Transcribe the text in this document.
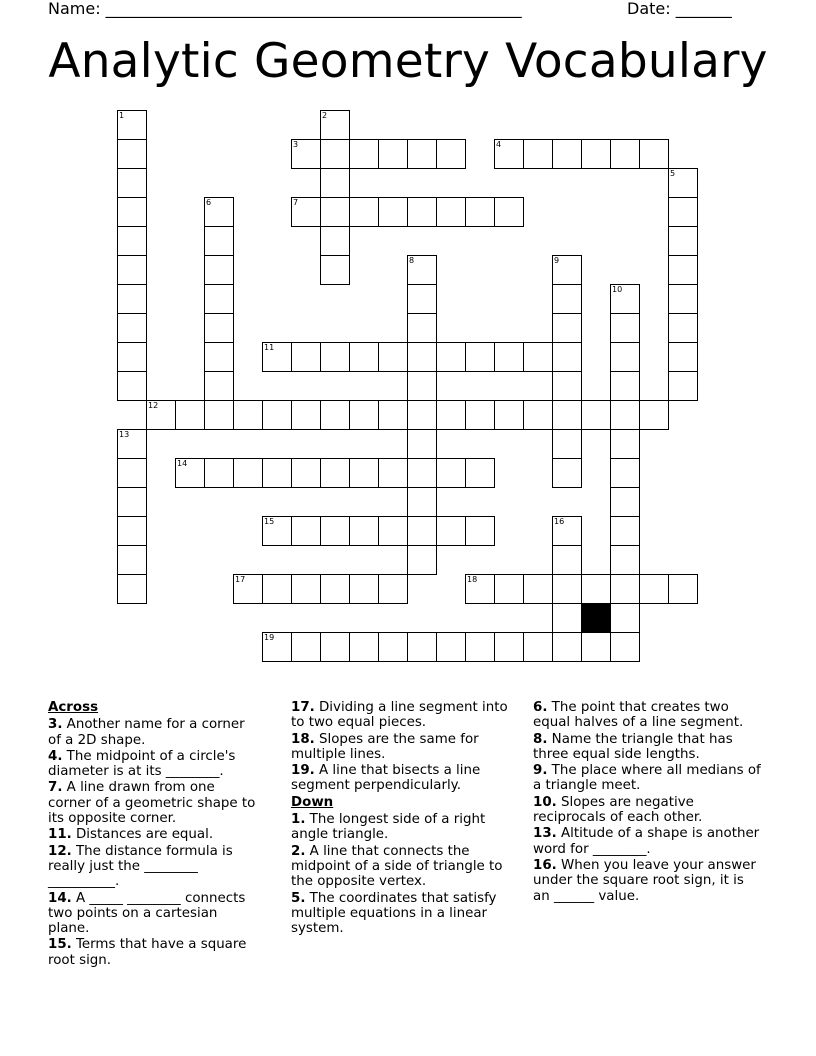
Name: ____________________________________________________	Date: _______
Analytic Geometry Vocabulary
1	2
3	4
5
6	7
8	9
10
11
12
13
14
15	16
17	18
19
Across
3. Another name for a corner of a 2D shape.
4. The midpoint of a circle's diameter is at its ________.
7. A line drawn from one corner of a geometric shape to its opposite corner.
11. Distances are equal.
12. The distance formula is really just the ________ __________.
14. A _____ ________ connects two points on a cartesian plane.
15. Terms that have a square root sign.
17. Dividing a line segment into to two equal pieces.
18. Slopes are the same for multiple lines.
19. A line that bisects a line segment perpendicularly.
Down
1. The longest side of a right angle triangle.
2. A line that connects the midpoint of a side of triangle to the opposite vertex.
5. The coordinates that satisfy multiple equations in a linear system.
6. The point that creates two equal halves of a line segment.
8. Name the triangle that has three equal side lengths.
9. The place where all medians of a triangle meet.
10. Slopes are negative reciprocals of each other.
13. Altitude of a shape is another word for ________.
16. When you leave your answer under the square root sign, it is an ______ value.
